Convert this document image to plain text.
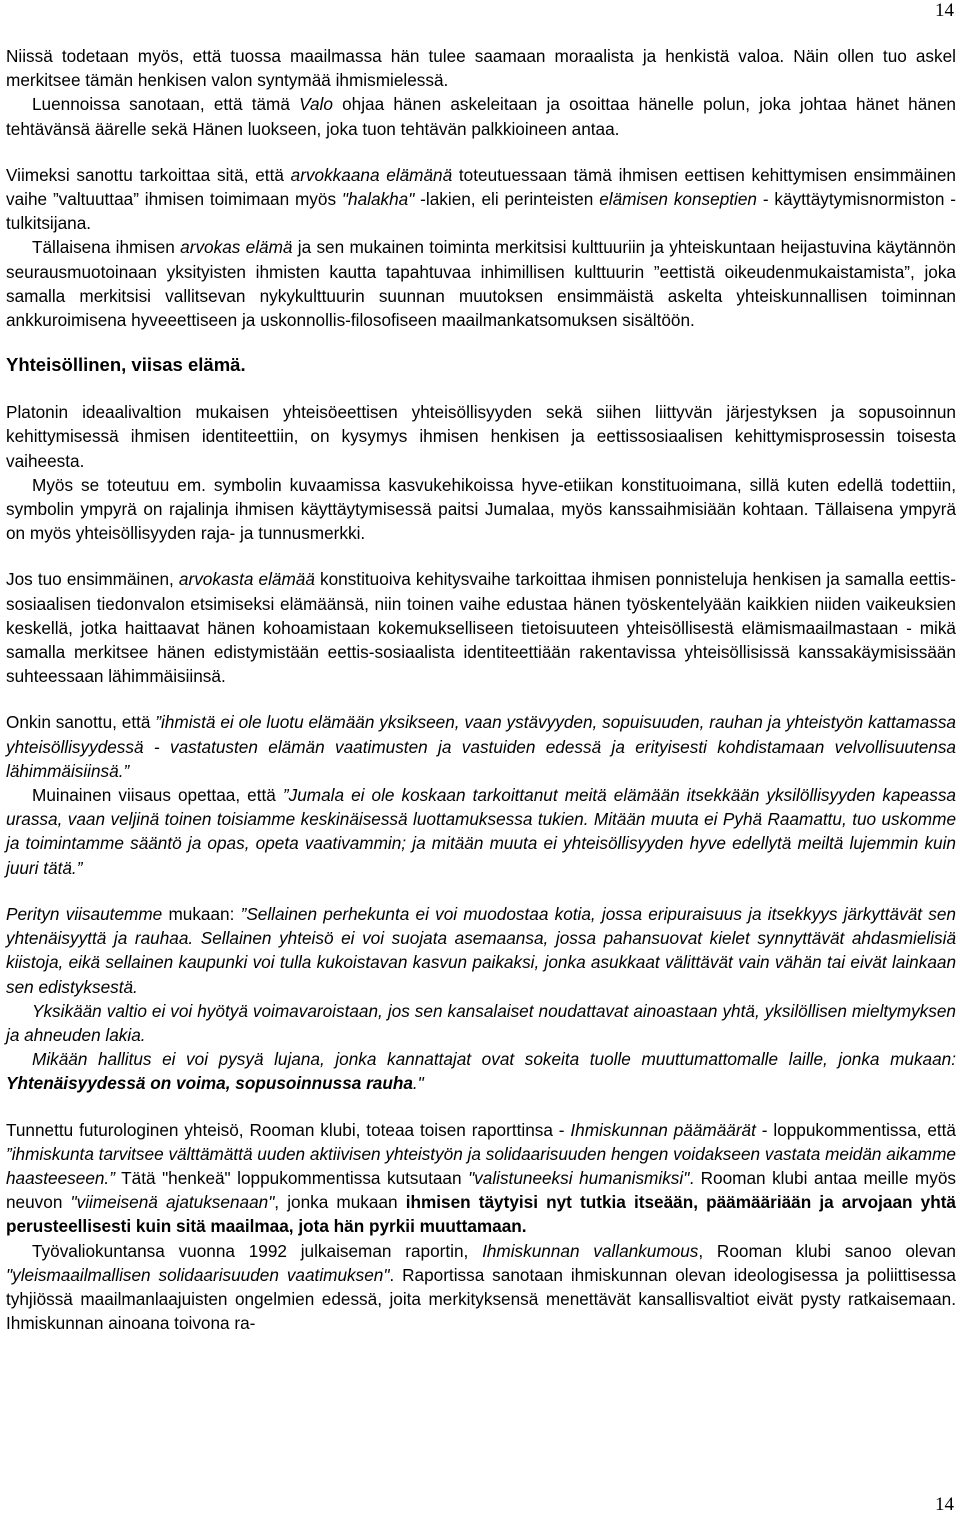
14

Niissä todetaan myös, että tuossa maailmassa hän tulee saamaan moraalista ja henkistä valoa. Näin ollen tuo askel merkitsee tämän henkisen valon syntymää ihmismielessä.

Luennoissa sanotaan, että tämä Valo ohjaa hänen askeleitaan ja osoittaa hänelle polun, joka johtaa hänet hänen tehtävänsä äärelle sekä Hänen luokseen, joka tuon tehtävän palkkioineen antaa.

Viimeksi sanottu tarkoittaa sitä, että arvokkaana elämänä toteutuessaan tämä ihmisen eettisen kehittymisen ensimmäinen vaihe ”valtuuttaa” ihmisen toimimaan myös "halakha" -lakien, eli perinteisten elämisen konseptien - käyttäytymisnormiston - tulkitsijana.

Tällaisena ihmisen arvokas elämä ja sen mukainen toiminta merkitsisi kulttuuriin ja yhteiskuntaan heijastuvina käytännön seurausmuotoinaan yksityisten ihmisten kautta tapahtuvaa inhimillisen kulttuurin ”eettistä oikeudenmukaistamista”, joka samalla merkitsisi vallitsevan nykykulttuurin suunnan muutoksen ensimmäistä askelta yhteiskunnallisen toiminnan ankkuroimisena hyveeettiseen ja uskonnollis-filosofiseen maailmankatsomuksen sisältöön.

Yhteisöllinen, viisas elämä.

Platonin ideaalivaltion mukaisen yhteisöeettisen yhteisöllisyyden sekä siihen liittyvän järjestyksen ja sopusoinnun kehittymisessä ihmisen identiteettiin, on kysymys ihmisen henkisen ja eettissosiaalisen kehittymisprosessin toisesta vaiheesta.

Myös se toteutuu em. symbolin kuvaamissa kasvukehikoissa hyve-etiikan konstituoimana, sillä kuten edellä todettiin, symbolin ympyrä on rajalinja ihmisen käyttäytymisessä paitsi Jumalaa, myös kanssaihmisiään kohtaan. Tällaisena ympyrä on myös yhteisöllisyyden raja- ja tunnusmerkki.

Jos tuo ensimmäinen, arvokasta elämää konstituoiva kehitysvaihe tarkoittaa ihmisen ponnisteluja henkisen ja samalla eettis-sosiaalisen tiedonvalon etsimiseksi elämäänsä, niin toinen vaihe edustaa hänen työskentelyään kaikkien niiden vaikeuksien keskellä, jotka haittaavat hänen kohoamistaan kokemukselliseen tietoisuuteen yhteisöllisestä elämismaailmastaan - mikä samalla merkitsee hänen edistymistään eettis-sosiaalista identiteettiään rakentavissa yhteisöllisissä kanssakäymisissään suhteessaan lähimmäisiinsä.

Onkin sanottu, että ”ihmistä ei ole luotu elämään yksikseen, vaan ystävyyden, sopuisuuden, rauhan ja yhteistyön kattamassa yhteisöllisyydessä - vastatusten elämän vaatimusten ja vastuiden edessä ja erityisesti kohdistamaan velvollisuutensa lähimmäisiinsä.”

Muinainen viisaus opettaa, että ”Jumala ei ole koskaan tarkoittanut meitä elämään itsekkään yksilöllisyyden kapeassa urassa, vaan veljinä toinen toisiamme keskinäisessä luottamuksessa tukien. Mitään muuta ei Pyhä Raamattu, tuo uskomme ja toimintamme sääntö ja opas, opeta vaativammin; ja mitään muuta ei yhteisöllisyyden hyve edellytä meiltä lujemmin kuin juuri tätä.”

Perityn viisautemme mukaan: ”Sellainen perhekunta ei voi muodostaa kotia, jossa eripuraisuus ja itsekkyys järkyttävät sen yhtenäisyyttä ja rauhaa. Sellainen yhteisö ei voi suojata asemaansa, jossa pahansuovat kielet synnyttävät ahdasmielisiä kiistoja, eikä sellainen kaupunki voi tulla kukoistavan kasvun paikaksi, jonka asukkaat välittävät vain vähän tai eivät lainkaan sen edistyksestä.

Yksikään valtio ei voi hyötyä voimavaroistaan, jos sen kansalaiset noudattavat ainoastaan yhtä, yksilöllisen mieltymyksen ja ahneuden lakia.

Mikään hallitus ei voi pysyä lujana, jonka kannattajat ovat sokeita tuolle muuttumattomalle laille, jonka mukaan: Yhtenäisyydessä on voima, sopusoinnussa rauha."

Tunnettu futurologinen yhteisö, Rooman klubi, toteaa toisen raporttinsa - Ihmiskunnan päämäärät - loppukommentissa, että ”ihmiskunta tarvitsee välttämättä uuden aktiivisen yhteistyön ja solidaarisuuden hengen voidakseen vastata meidän aikamme haasteeseen.” Tätä "henkeä" loppukommentissa kutsutaan "valistuneeksi humanismiksi". Rooman klubi antaa meille myös neuvon "viimeisenä ajatuksenaan", jonka mukaan ihmisen täytyisi nyt tutkia itseään, päämääriään ja arvojaan yhtä perusteellisesti kuin sitä maailmaa, jota hän pyrkii muuttamaan.

Työvaliokuntansa vuonna 1992 julkaiseman raportin, Ihmiskunnan vallankumous, Rooman klubi sanoo olevan "yleismaailmallisen solidaarisuuden vaatimuksen". Raportissa sanotaan ihmiskunnan olevan ideologisessa ja poliittisessa tyhjiössä maailmanlaajuisten ongelmien edessä, joita merkityksensä menettävät kansallisvaltiot eivät pysty ratkaisemaan. Ihmiskunnan ainoana toivona ra-

14
